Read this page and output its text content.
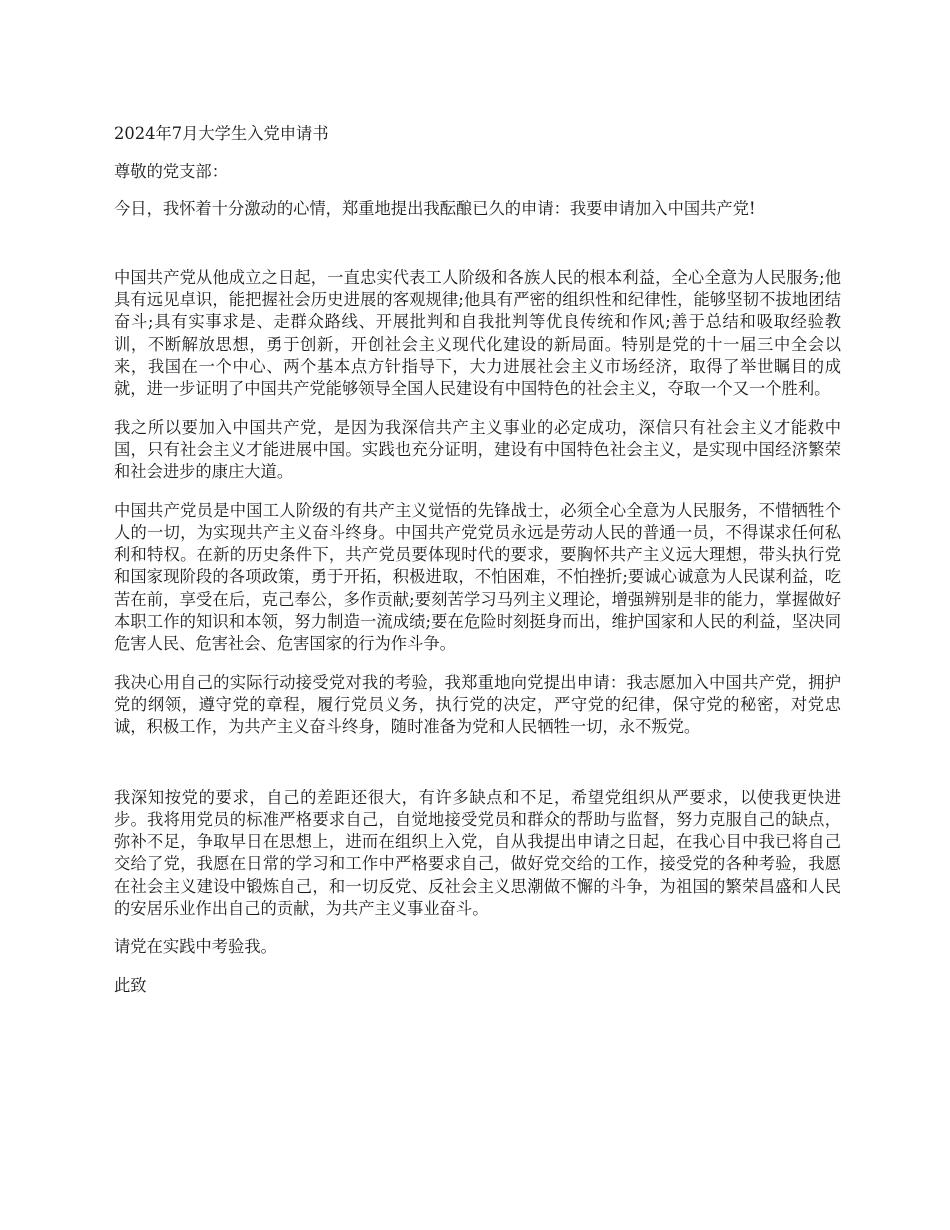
2024年7月大学生入党申请书

尊敬的党支部：

今日，我怀着十分激动的心情，郑重地提出我酝酿已久的申请：我要申请加入中国共产党!

中国共产党从他成立之日起，一直忠实代表工人阶级和各族人民的根本利益，全心全意为人民服务;他具有远见卓识，能把握社会历史进展的客观规律;他具有严密的组织性和纪律性，能够坚韧不拔地团结奋斗;具有实事求是、走群众路线、开展批判和自我批判等优良传统和作风;善于总结和吸取经验教训，不断解放思想，勇于创新，开创社会主义现代化建设的新局面。特别是党的十一届三中全会以来，我国在一个中心、两个基本点方针指导下，大力进展社会主义市场经济，取得了举世瞩目的成就，进一步证明了中国共产党能够领导全国人民建设有中国特色的社会主义，夺取一个又一个胜利。

我之所以要加入中国共产党，是因为我深信共产主义事业的必定成功，深信只有社会主义才能救中国，只有社会主义才能进展中国。实践也充分证明，建设有中国特色社会主义，是实现中国经济繁荣和社会进步的康庄大道。

中国共产党员是中国工人阶级的有共产主义觉悟的先锋战士，必须全心全意为人民服务，不惜牺牲个人的一切，为实现共产主义奋斗终身。中国共产党党员永远是劳动人民的普通一员，不得谋求任何私利和特权。在新的历史条件下，共产党员要体现时代的要求，要胸怀共产主义远大理想，带头执行党和国家现阶段的各项政策，勇于开拓，积极进取，不怕困难，不怕挫折;要诚心诚意为人民谋利益，吃苦在前，享受在后，克己奉公，多作贡献;要刻苦学习马列主义理论，增强辨别是非的能力，掌握做好本职工作的知识和本领，努力制造一流成绩;要在危险时刻挺身而出，维护国家和人民的利益，坚决同危害人民、危害社会、危害国家的行为作斗争。

我决心用自己的实际行动接受党对我的考验，我郑重地向党提出申请：我志愿加入中国共产党，拥护党的纲领，遵守党的章程，履行党员义务，执行党的决定，严守党的纪律，保守党的秘密，对党忠诚，积极工作，为共产主义奋斗终身，随时准备为党和人民牺牲一切，永不叛党。

我深知按党的要求，自己的差距还很大，有许多缺点和不足，希望党组织从严要求，以使我更快进步。我将用党员的标准严格要求自己，自觉地接受党员和群众的帮助与监督，努力克服自己的缺点，弥补不足，争取早日在思想上，进而在组织上入党，自从我提出申请之日起，在我心目中我已将自己交给了党，我愿在日常的学习和工作中严格要求自己，做好党交给的工作，接受党的各种考验，我愿在社会主义建设中锻炼自己，和一切反党、反社会主义思潮做不懈的斗争，为祖国的繁荣昌盛和人民的安居乐业作出自己的贡献，为共产主义事业奋斗。

请党在实践中考验我。

此致
